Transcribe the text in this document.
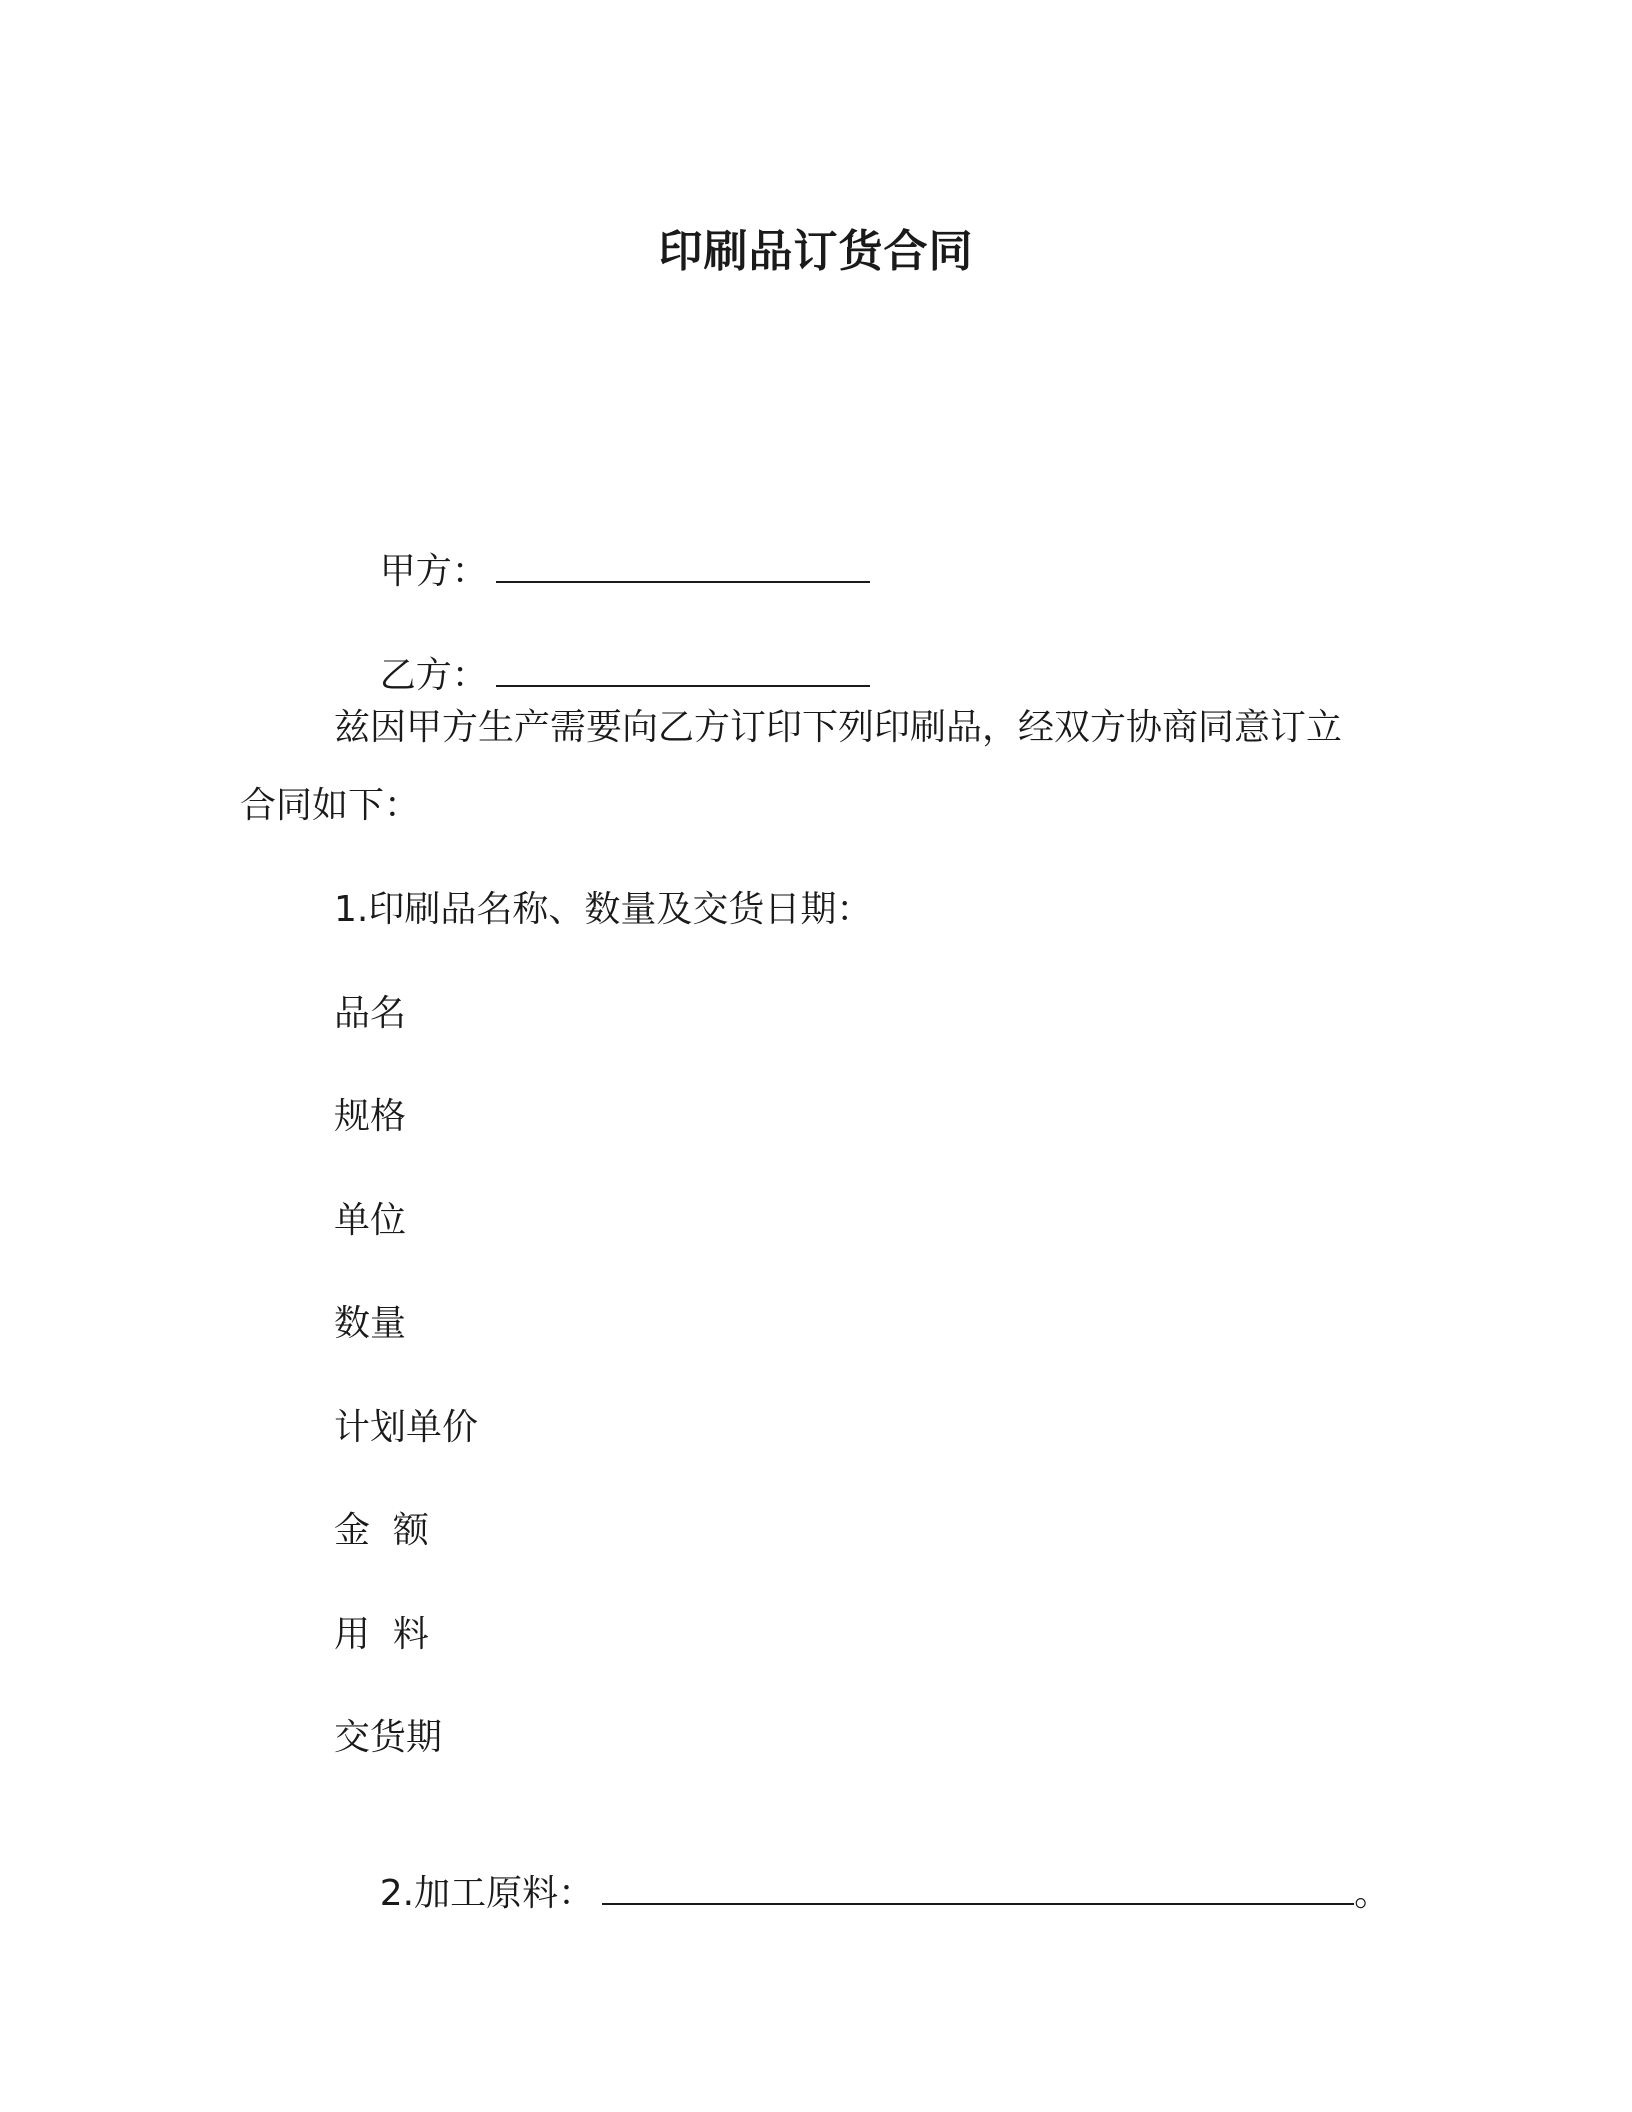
印刷品订货合同

甲方：

乙方：

兹因甲方生产需要向乙方订印下列印刷品，经双方协商同意订立

合同如下：

1.印刷品名称、数量及交货日期：

品名

规格

单位

数量

计划单价

金  额

用  料

交货期

2.加工原料：	。
